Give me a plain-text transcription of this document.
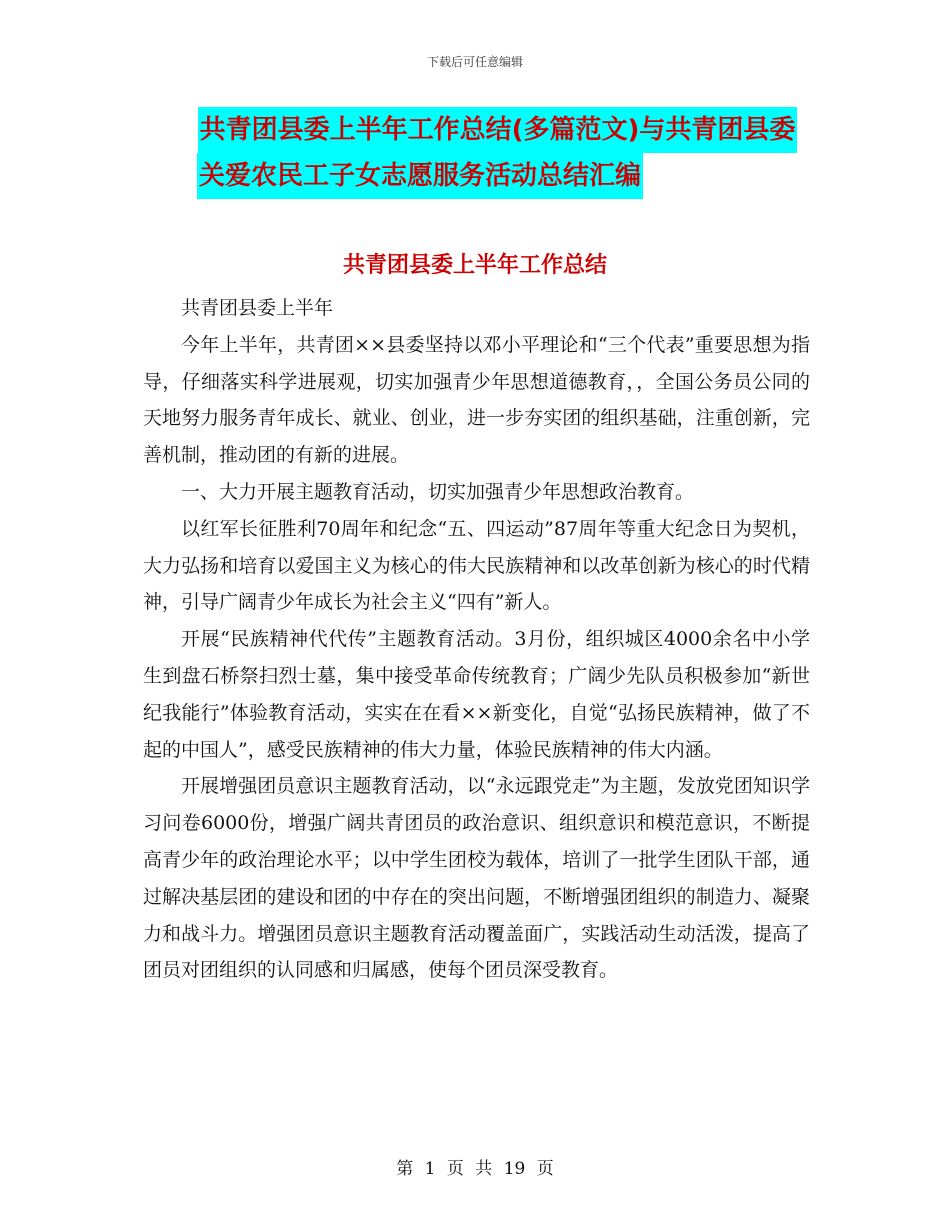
下载后可任意编辑
共青团县委上半年工作总结(多篇范文)与共青团县委
关爱农民工子女志愿服务活动总结汇编
共青团县委上半年工作总结

共青团县委上半年

今年上半年，共青团××县委坚持以邓小平理论和“三个代表”重要思想为指导，仔细落实科学进展观，切实加强青少年思想道德教育，，全国公务员公同的天地努力服务青年成长、就业、创业，进一步夯实团的组织基础，注重创新，完善机制，推动团的有新的进展。

一、大力开展主题教育活动，切实加强青少年思想政治教育。

以红军长征胜利70周年和纪念“五、四运动”87周年等重大纪念日为契机，大力弘扬和培育以爱国主义为核心的伟大民族精神和以改革创新为核心的时代精神，引导广阔青少年成长为社会主义“四有”新人。

开展“民族精神代代传”主题教育活动。3月份，组织城区4000余名中小学生到盘石桥祭扫烈士墓，集中接受革命传统教育；广阔少先队员积极参加“新世纪我能行”体验教育活动，实实在在看××新变化，自觉“弘扬民族精神，做了不起的中国人”，感受民族精神的伟大力量，体验民族精神的伟大内涵。

开展增强团员意识主题教育活动，以“永远跟党走”为主题，发放党团知识学习问卷6000份，增强广阔共青团员的政治意识、组织意识和模范意识，不断提高青少年的政治理论水平；以中学生团校为载体，培训了一批学生团队干部，通过解决基层团的建设和团的中存在的突出问题，不断增强团组织的制造力、凝聚力和战斗力。增强团员意识主题教育活动覆盖面广，实践活动生动活泼，提高了团员对团组织的认同感和归属感，使每个团员深受教育。

第 1 页 共 19 页
